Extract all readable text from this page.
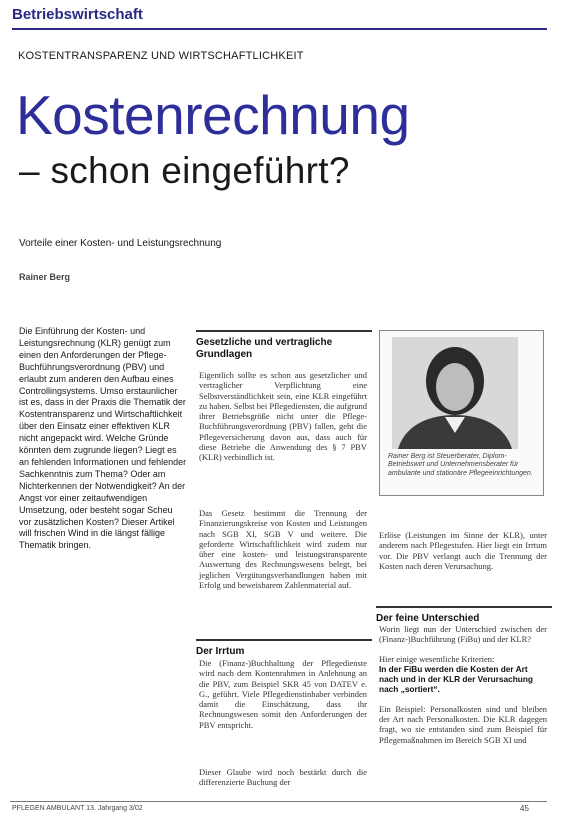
Betriebswirtschaft
KOSTENTRANSPARENZ UND WIRTSCHAFTLICHKEIT
Kostenrechnung
– schon eingeführt?
Vorteile einer Kosten- und Leistungsrechnung
Rainer Berg
Die Einführung der Kosten- und Leistungsrechnung (KLR) genügt zum einen den Anforderungen der Pflege-Buchführungsverordnung (PBV) und erlaubt zum anderen den Aufbau eines Controllingsystems. Umso erstaunlicher ist es, dass in der Praxis die Thematik der Kostentransparenz und Wirtschaftlichkeit über den Einsatz einer effektiven KLR nicht angepackt wird. Welche Gründe könnten dem zugrunde liegen? Liegt es an fehlenden Informationen und fehlender Sachkenntnis zum Thema? Oder am Nichterkennen der Notwendigkeit? An der Angst vor einer zeitaufwendigen Umsetzung, oder besteht sogar Scheu vor zusätzlichen Kosten? Dieser Artikel will frischen Wind in die längst fällige Thematik bringen.
Gesetzliche und vertragliche Grundlagen
Eigentlich sollte es schon aus gesetzlicher und vertraglicher Verpflichtung eine Selbstverständlichkeit sein, eine KLR eingeführt zu haben. Selbst bei Pflegediensten, die aufgrund ihrer Betriebsgröße nicht unter die Pflege-Buchführungsverordnung (PBV) fallen, geht die Pflegeversicherung davon aus, dass auch für diese Betriebe die Anwendung des § 7 PBV (KLR) verbindlich ist.
Das Gesetz bestimmt die Trennung der Finanzierungskreise von Kosten und Leistungen nach SGB XI, SGB V und weitere. Die geforderte Wirtschaftlichkeit wird zudem nur über eine kosten- und leistungstransparente Auswertung des Rechnungswesens belegt, bei jeglichen Vergütungsverhandlungen haben mit Erfolg und beweisbarem Zahlenmaterial auf.
Der Irrtum
Die (Finanz-)Buchhaltung der Pflegedienste wird nach dem Kontenrahmen in Anlehnung an die PBV, zum Beispiel SKR 45 von DATEV e. G., geführt. Viele Pflegedienstinhaber verbinden damit die Einschätzung, dass ihr Rechnungswesen somit den Anforderungen der PBV entspricht.
Dieser Glaube wird noch bestärkt durch die differenzierte Buchung der
Rainer Berg ist Steuerberater, Diplom-Betriebswirt und Unternehmensberater für ambulante und stationäre Pflegeeinrichtungen.
Erlöse (Leistungen im Sinne der KLR), unter anderem nach Pflegestufen. Hier liegt ein Irrtum vor. Die PBV verlangt auch die Trennung der Kosten nach deren Verursachung.
Der feine Unterschied

Worin liegt nun der Unterschied zwischen der (Finanz-)Buchführung (FiBu) und der KLR?

Hier einige wesentliche Kriterien:

In der FiBu werden die Kosten der Art nach und in der KLR der Verursachung nach „sortiert“.

Ein Beispiel: Personalkosten sind und bleiben der Art nach Personalkosten. Die KLR dagegen fragt, wo sie entstanden sind zum Beispiel für Pflegemaßnahmen im Bereich SGB XI und

PFLEGEN AMBULANT 13. Jahrgang 3/02	45
